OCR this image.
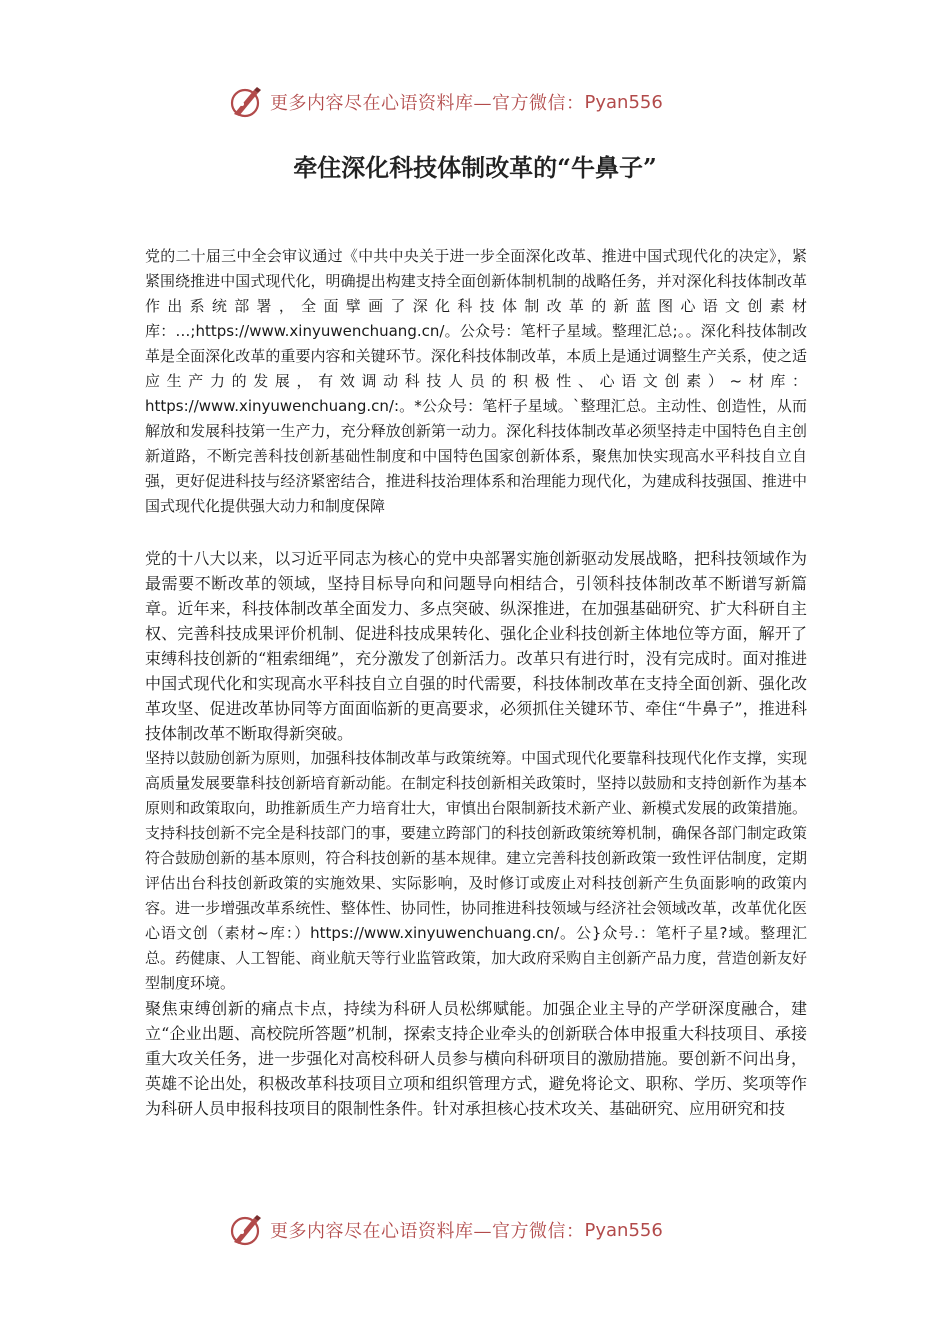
更多内容尽在心语资料库—官方微信： Pyan556
牵住深化科技体制改革的“牛鼻子”

党的二十届三中全会审议通过《中共中央关于进一步全面深化改革、推进中国式现代化的决定》，紧紧围绕推进中国式现代化，明确提出构建支持全面创新体制机制的战略任务，并对深化科技体制改革作出系统部署，全面擘画了深化科技体制改革的新蓝图心语文创素材库：…;https://www.xinyuwenchuang.cn/。公众号：笔杆子星域。整理汇总;。。深化科技体制改革是全面深化改革的重要内容和关键环节。深化科技体制改革，本质上是通过调整生产关系，使之适应生产力的发展，有效调动科技人员的积极性、心语文创素）~材库：https://www.xinyuwenchuang.cn/:。*公众号：笔杆子星域。`整理汇总。主动性、创造性，从而解放和发展科技第一生产力，充分释放创新第一动力。深化科技体制改革必须坚持走中国特色自主创新道路，不断完善科技创新基础性制度和中国特色国家创新体系，聚焦加快实现高水平科技自立自强，更好促进科技与经济紧密结合，推进科技治理体系和治理能力现代化，为建成科技强国、推进中国式现代化提供强大动力和制度保障

党的十八大以来，以习近平同志为核心的党中央部署实施创新驱动发展战略，把科技领域作为最需要不断改革的领域，坚持目标导向和问题导向相结合，引领科技体制改革不断谱写新篇章。近年来，科技体制改革全面发力、多点突破、纵深推进，在加强基础研究、扩大科研自主权、完善科技成果评价机制、促进科技成果转化、强化企业科技创新主体地位等方面，解开了束缚科技创新的“粗索细绳”，充分激发了创新活力。改革只有进行时，没有完成时。面对推进中国式现代化和实现高水平科技自立自强的时代需要，科技体制改革在支持全面创新、强化改革攻坚、促进改革协同等方面面临新的更高要求，必须抓住关键环节、牵住“牛鼻子”，推进科技体制改革不断取得新突破。

坚持以鼓励创新为原则，加强科技体制改革与政策统筹。中国式现代化要靠科技现代化作支撑，实现高质量发展要靠科技创新培育新动能。在制定科技创新相关政策时，坚持以鼓励和支持创新作为基本原则和政策取向，助推新质生产力培育壮大，审慎出台限制新技术新产业、新模式发展的政策措施。支持科技创新不完全是科技部门的事，要建立跨部门的科技创新政策统筹机制，确保各部门制定政策符合鼓励创新的基本原则，符合科技创新的基本规律。建立完善科技创新政策一致性评估制度，定期评估出台科技创新政策的实施效果、实际影响，及时修订或废止对科技创新产生负面影响的政策内容。进一步增强改革系统性、整体性、协同性，协同推进科技领域与经济社会领域改革，改革优化医心语文创（素材~库：）https://www.xinyuwenchuang.cn/。公}众号.：笔杆子星?域。整理汇总。药健康、人工智能、商业航天等行业监管政策，加大政府采购自主创新产品力度，营造创新友好型制度环境。

聚焦束缚创新的痛点卡点，持续为科研人员松绑赋能。加强企业主导的产学研深度融合，建立“企业出题、高校院所答题”机制，探索支持企业牵头的创新联合体申报重大科技项目、承接重大攻关任务，进一步强化对高校科研人员参与横向科研项目的激励措施。要创新不问出身，英雄不论出处，积极改革科技项目立项和组织管理方式，避免将论文、职称、学历、奖项等作为科研人员申报科技项目的限制性条件。针对承担核心技术攻关、基础研究、应用研究和技

更多内容尽在心语资料库—官方微信： Pyan556
